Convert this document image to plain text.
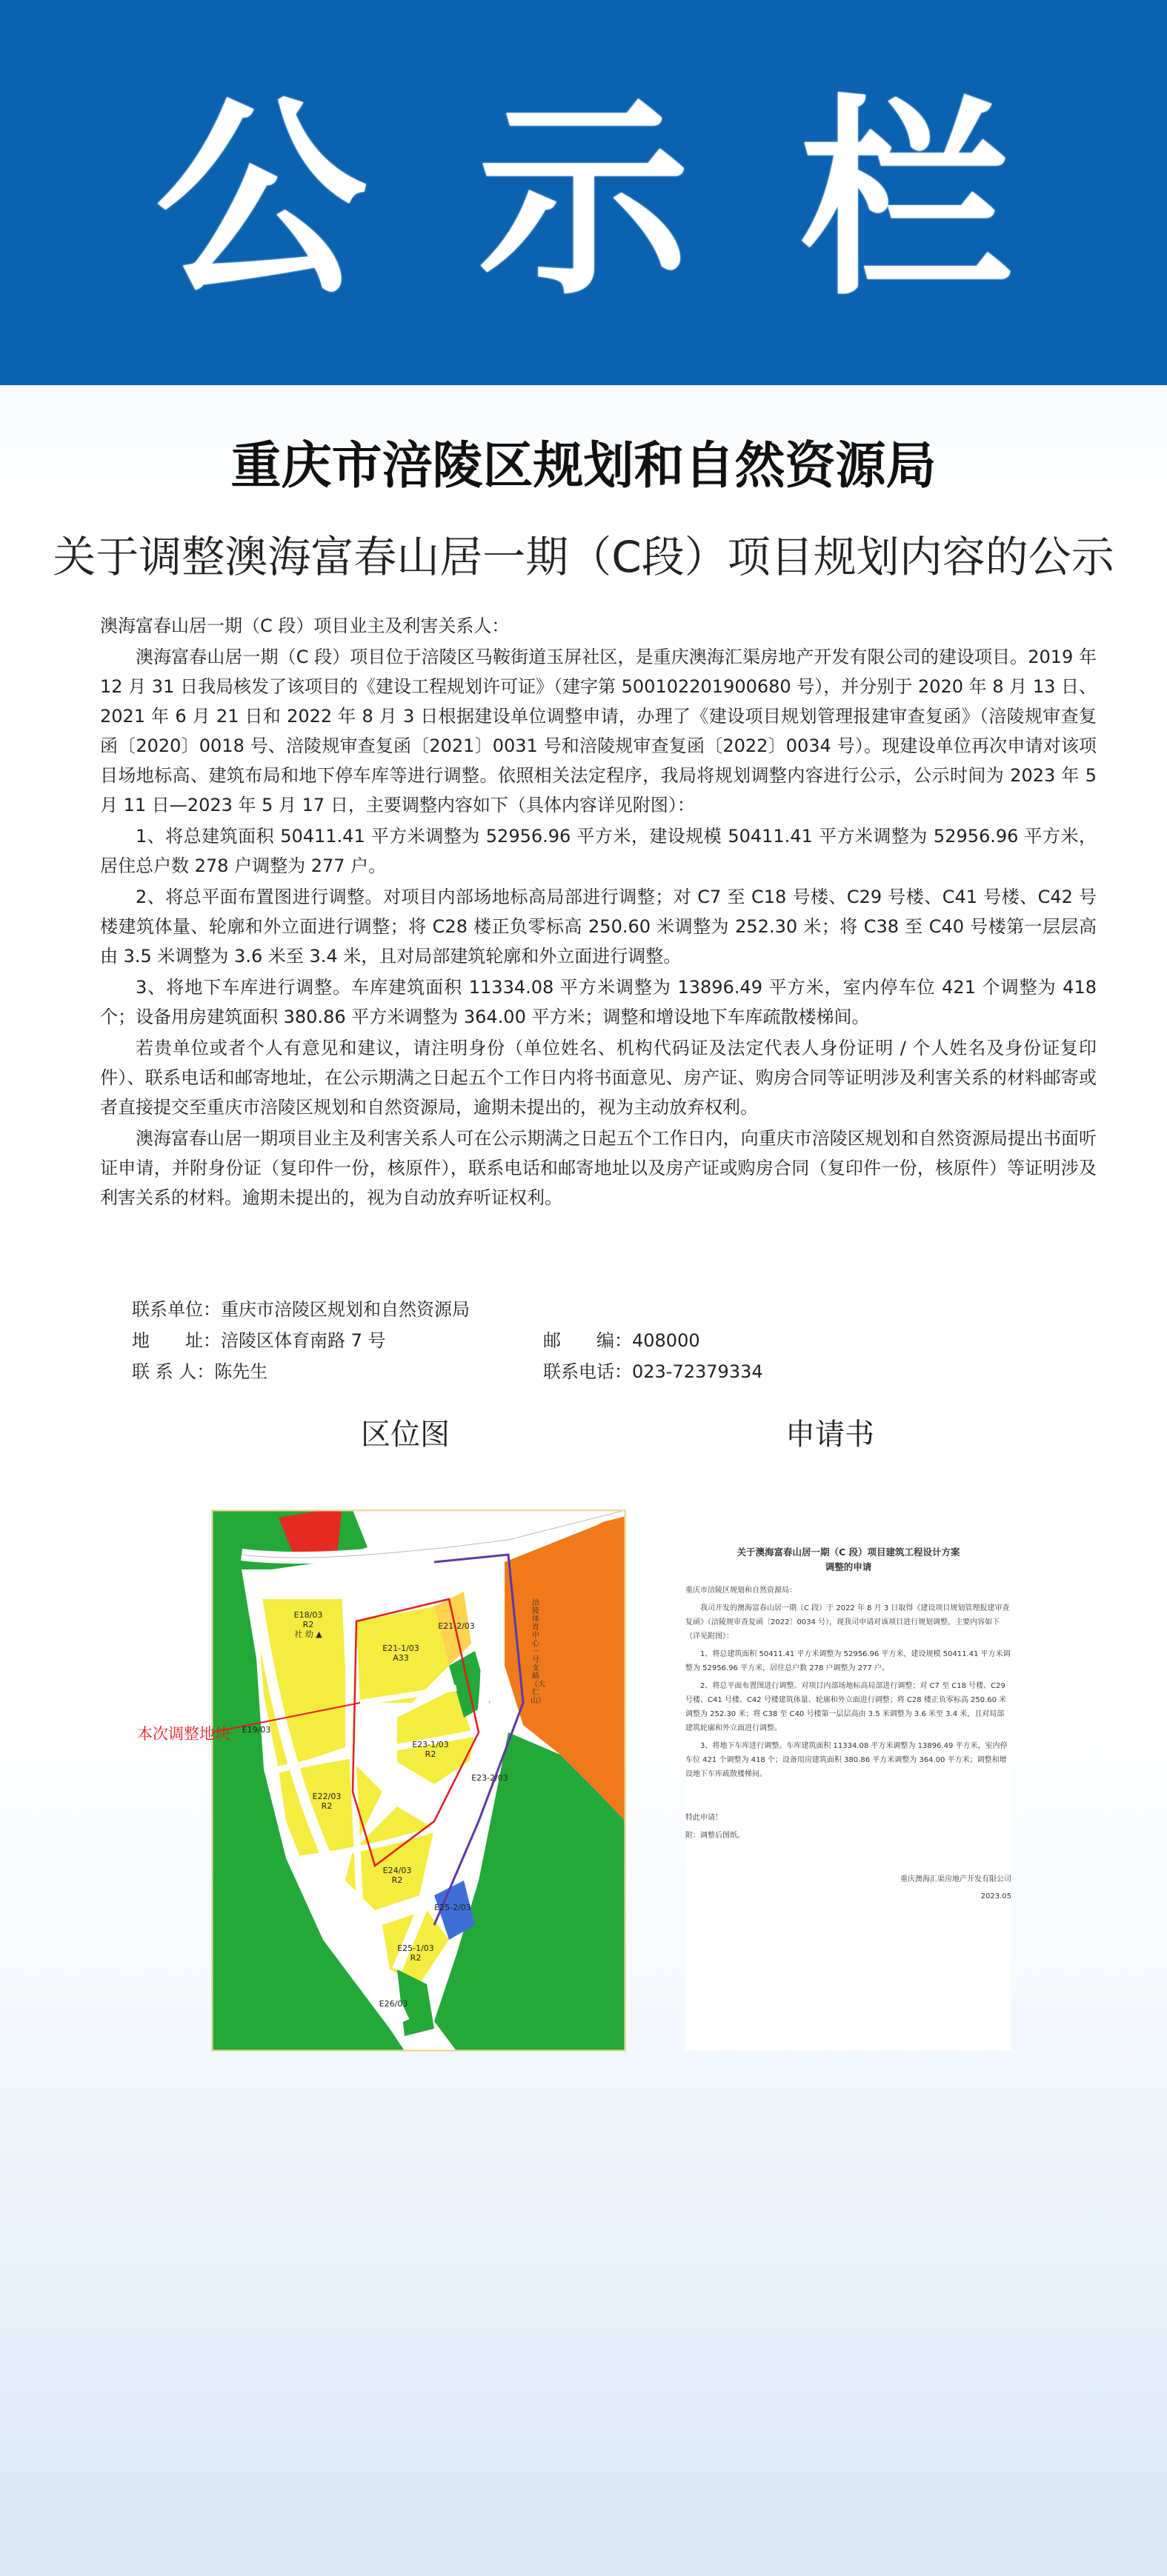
公示栏
重庆市涪陵区规划和自然资源局
关于调整澳海富春山居一期（C段）项目规划内容的公示

澳海富春山居一期（C 段）项目业主及利害关系人：

澳海富春山居一期（C 段）项目位于涪陵区马鞍街道玉屏社区，是重庆澳海汇渠房地产开发有限公司的建设项目。2019 年 12 月 31 日我局核发了该项目的《建设工程规划许可证》（建字第 500102201900680 号），并分别于 2020 年 8 月 13 日、2021 年 6 月 21 日和 2022 年 8 月 3 日根据建设单位调整申请，办理了《建设项目规划管理报建审查复函》（涪陵规审查复函〔2020〕0018 号、涪陵规审查复函〔2021〕0031 号和涪陵规审查复函〔2022〕0034 号）。现建设单位再次申请对该项目场地标高、建筑布局和地下停车库等进行调整。依照相关法定程序，我局将规划调整内容进行公示，公示时间为 2023 年 5 月 11 日—2023 年 5 月 17 日，主要调整内容如下（具体内容详见附图）：

1、将总建筑面积 50411.41 平方米调整为 52956.96 平方米，建设规模 50411.41 平方米调整为 52956.96 平方米，居住总户数 278 户调整为 277 户。

2、将总平面布置图进行调整。对项目内部场地标高局部进行调整；对 C7 至 C18 号楼、C29 号楼、C41 号楼、C42 号楼建筑体量、轮廓和外立面进行调整；将 C28 楼正负零标高 250.60 米调整为 252.30 米；将 C38 至 C40 号楼第一层层高由 3.5 米调整为 3.6 米至 3.4 米，且对局部建筑轮廓和外立面进行调整。

3、将地下车库进行调整。车库建筑面积 11334.08 平方米调整为 13896.49 平方米，室内停车位 421 个调整为 418 个；设备用房建筑面积 380.86 平方米调整为 364.00 平方米；调整和增设地下车库疏散楼梯间。

若贵单位或者个人有意见和建议，请注明身份（单位姓名、机构代码证及法定代表人身份证明 / 个人姓名及身份证复印件）、联系电话和邮寄地址，在公示期满之日起五个工作日内将书面意见、房产证、购房合同等证明涉及利害关系的材料邮寄或者直接提交至重庆市涪陵区规划和自然资源局，逾期未提出的，视为主动放弃权利。

澳海富春山居一期项目业主及利害关系人可在公示期满之日起五个工作日内，向重庆市涪陵区规划和自然资源局提出书面听证申请，并附身份证（复印件一份，核原件），联系电话和邮寄地址以及房产证或购房合同（复印件一份，核原件）等证明涉及利害关系的材料。逾期未提出的，视为自动放弃听证权利。

联系单位：重庆市涪陵区规划和自然资源局
地　　址：涪陵区体育南路 7 号	邮　　编：408000
联 系 人：陈先生	联系电话：023-72379334
区位图	申请书
E18/03
R2
社 幼 ▲
E21-1/03
A33
E21-2/03
E19/03
E22/03
R2
E23-1/03
R2
E23-2/03
E24/03
R2
E25-1/03
R2
E25-2/03
E26/03
涪陵体育中心一号支路（大仁山）
本次调整地块
关于澳海富春山居一期（C 段）项目建筑工程设计方案
调整的申请

重庆市涪陵区规划和自然资源局：

我司开发的澳海富春山居一期（C 段）于 2022 年 8 月 3 日取得《建设项目规划管理报建审查复函》（涪陵规审查复函〔2022〕0034 号），现我司申请对该项目进行规划调整，主要内容如下（详见附图）：

1、将总建筑面积 50411.41 平方米调整为 52956.96 平方米，建设规模 50411.41 平方米调整为 52956.96 平方米，居住总户数 278 户调整为 277 户。

2、将总平面布置图进行调整。对项目内部场地标高局部进行调整；对 C7 至 C18 号楼、C29 号楼、C41 号楼、C42 号楼建筑体量、轮廓和外立面进行调整；将 C28 楼正负零标高 250.60 米调整为 252.30 米；将 C38 至 C40 号楼第一层层高由 3.5 米调整为 3.6 米至 3.4 米，且对局部建筑轮廓和外立面进行调整。

3、将地下车库进行调整。车库建筑面积 11334.08 平方米调整为 13896.49 平方米，室内停车位 421 个调整为 418 个；设备用房建筑面积 380.86 平方米调整为 364.00 平方米；调整和增设地下车库疏散楼梯间。

特此申请！

附：调整后图纸。

重庆澳海汇渠房地产开发有限公司
2023.05
